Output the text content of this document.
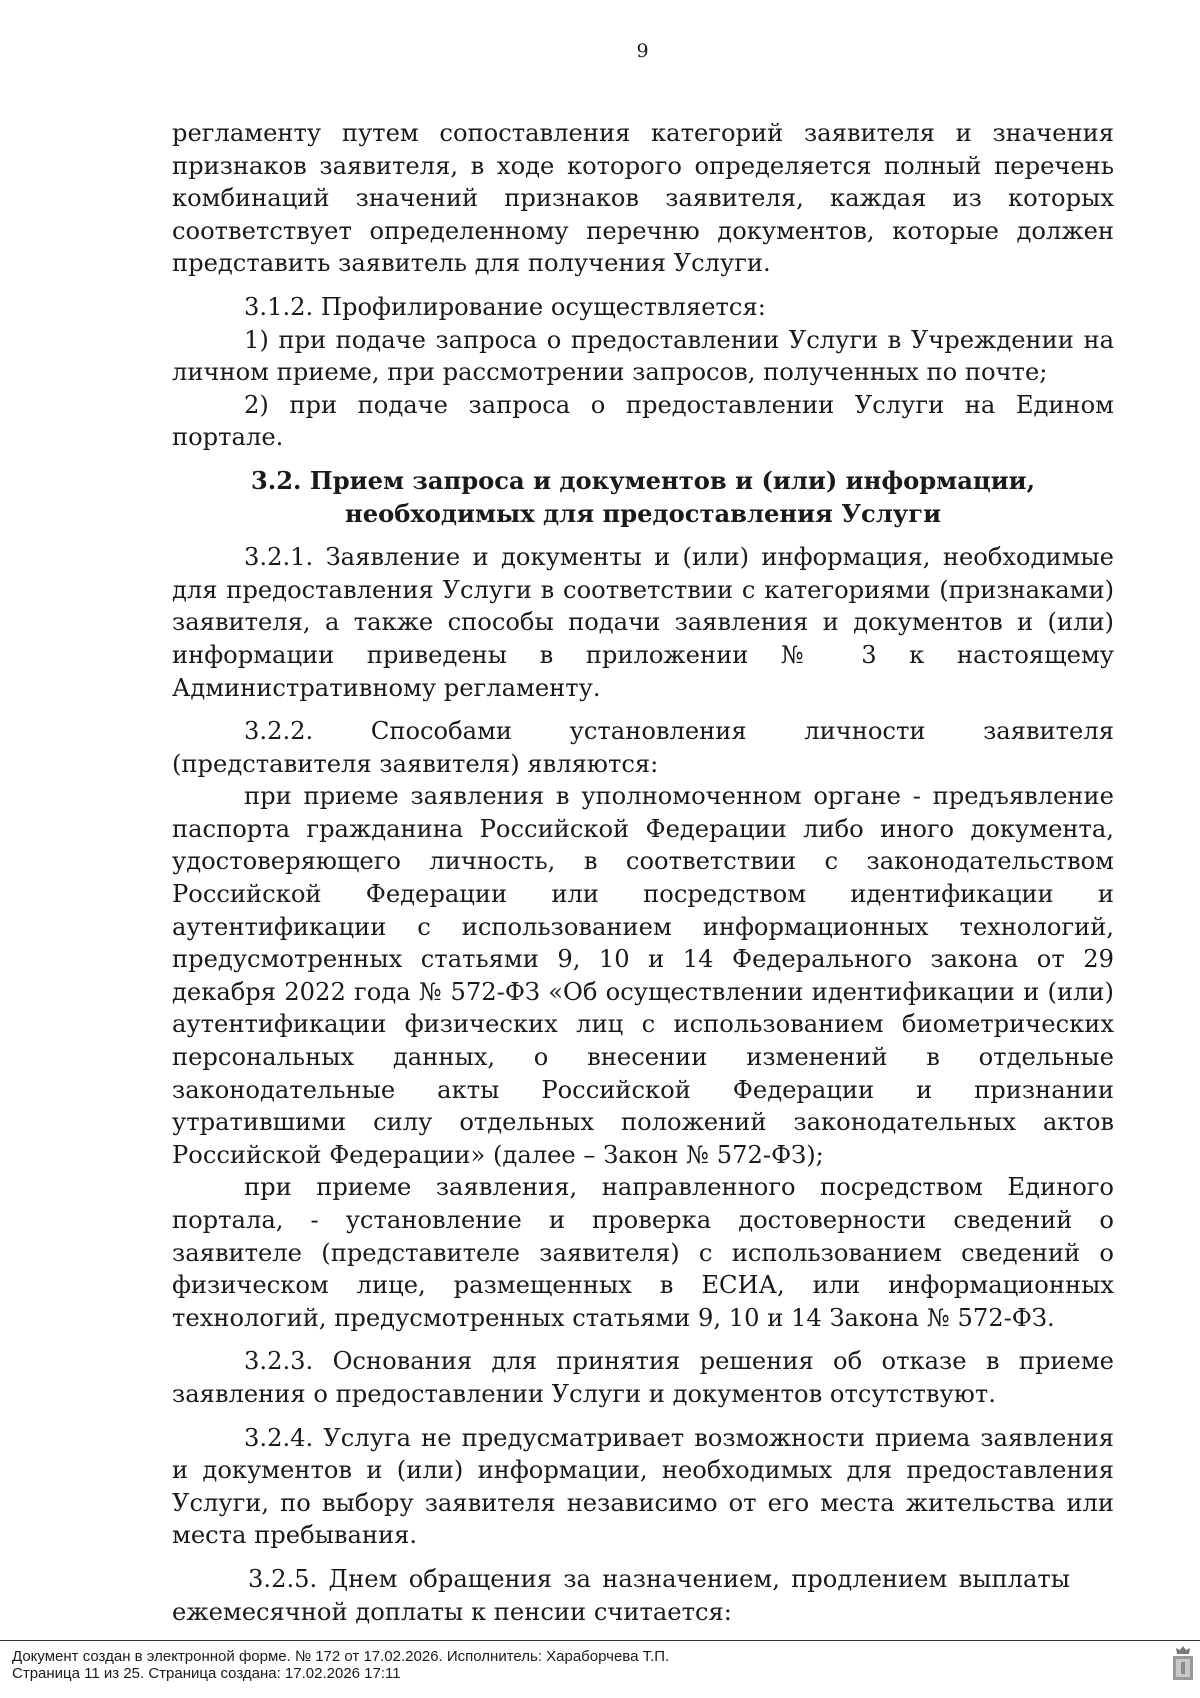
9

регламенту путем сопоставления категорий заявителя и значения признаков заявителя, в ходе которого определяется полный перечень комбинаций значений признаков заявителя, каждая из которых соответствует определенному перечню документов, которые должен представить заявитель для получения Услуги.

3.1.2. Профилирование осуществляется:

1) при подаче запроса о предоставлении Услуги в Учреждении на личном приеме, при рассмотрении запросов, полученных по почте;

2) при подаче запроса о предоставлении Услуги на Едином портале.

3.2. Прием запроса и документов и (или) информации, необходимых для предоставления Услуги

3.2.1. Заявление и документы и (или) информация, необходимые для предоставления Услуги в соответствии с категориями (признаками) заявителя, а также способы подачи заявления и документов и (или) информации приведены в приложении № 3 к настоящему Административному регламенту.

3.2.2. Способами установления личности заявителя (представителя заявителя) являются:

при приеме заявления в уполномоченном органе - предъявление паспорта гражданина Российской Федерации либо иного документа, удостоверяющего личность, в соответствии с законодательством Российской Федерации или посредством идентификации и аутентификации с использованием информационных технологий, предусмотренных статьями 9, 10 и 14 Федерального закона от 29 декабря 2022 года № 572-ФЗ «Об осуществлении идентификации и (или) аутентификации физических лиц с использованием биометрических персональных данных, о внесении изменений в отдельные законодательные акты Российской Федерации и признании утратившими силу отдельных положений законодательных актов Российской Федерации» (далее – Закон № 572-ФЗ);

при приеме заявления, направленного посредством Единого портала, - установление и проверка достоверности сведений о заявителе (представителе заявителя) с использованием сведений о физическом лице, размещенных в ЕСИА, или информационных технологий, предусмотренных статьями 9, 10 и 14 Закона № 572-ФЗ.

3.2.3. Основания для принятия решения об отказе в приеме заявления о предоставлении Услуги и документов отсутствуют.

3.2.4. Услуга не предусматривает возможности приема заявления и документов и (или) информации, необходимых для предоставления Услуги, по выбору заявителя независимо от его места жительства или места пребывания.

3.2.5. Днем обращения за назначением, продлением выплаты
ежемесячной доплаты к пенсии считается:
Документ создан в электронной форме. № 172 от 17.02.2026. Исполнитель: Хараборчева Т.П.
Страница 11 из 25. Страница создана: 17.02.2026 17:11
